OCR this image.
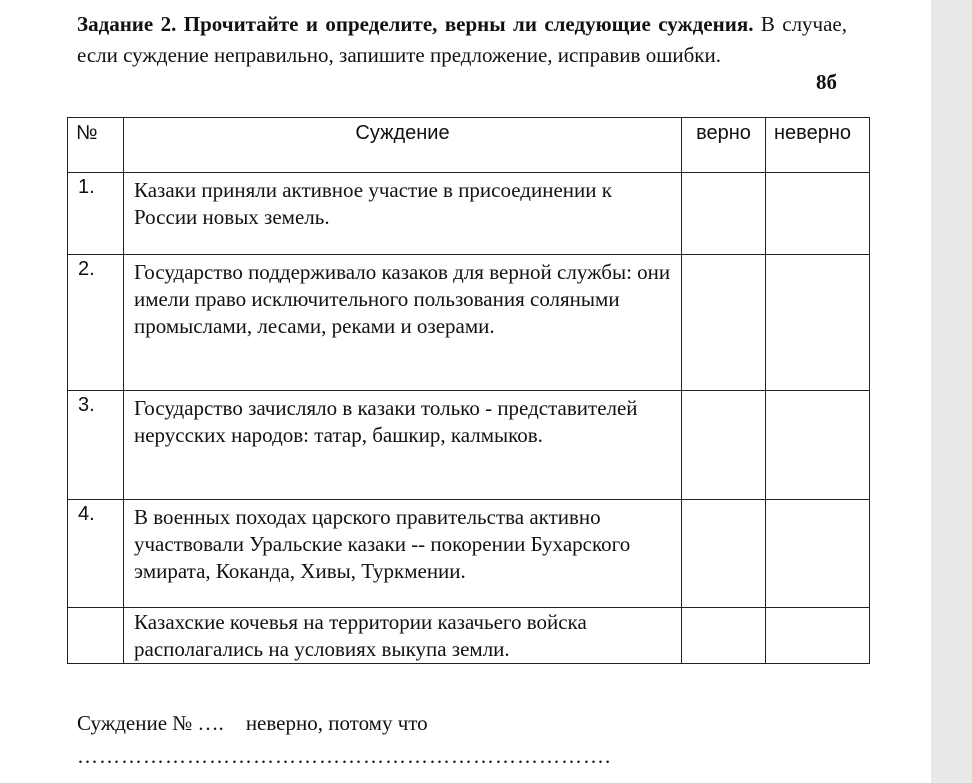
Задание 2. Прочитайте и определите, верны ли следующие суждения. В случае, если суждение неправильно, запишите предложение, исправив ошибки.
8б
№	Суждение	верно	неверно
1.	Казаки приняли активное участие в присоединении к России новых земель.		
2.	Государство поддерживало казаков для верной службы: они имели право исключительного пользования соляными промыслами, лесами, реками и озерами.		
3.	Государство зачисляло в казаки только - представителей нерусских народов: татар, башкир, калмыков.		
4.	В военных походах царского правительства активно участвовали Уральские казаки -- покорении Бухарского эмирата, Коканда, Хивы, Туркмении.		
	Казахские кочевья на территории казачьего войска располагались на условиях выкупа земли.		
Суждение № …. неверно, потому что
……………………………………………………………….
